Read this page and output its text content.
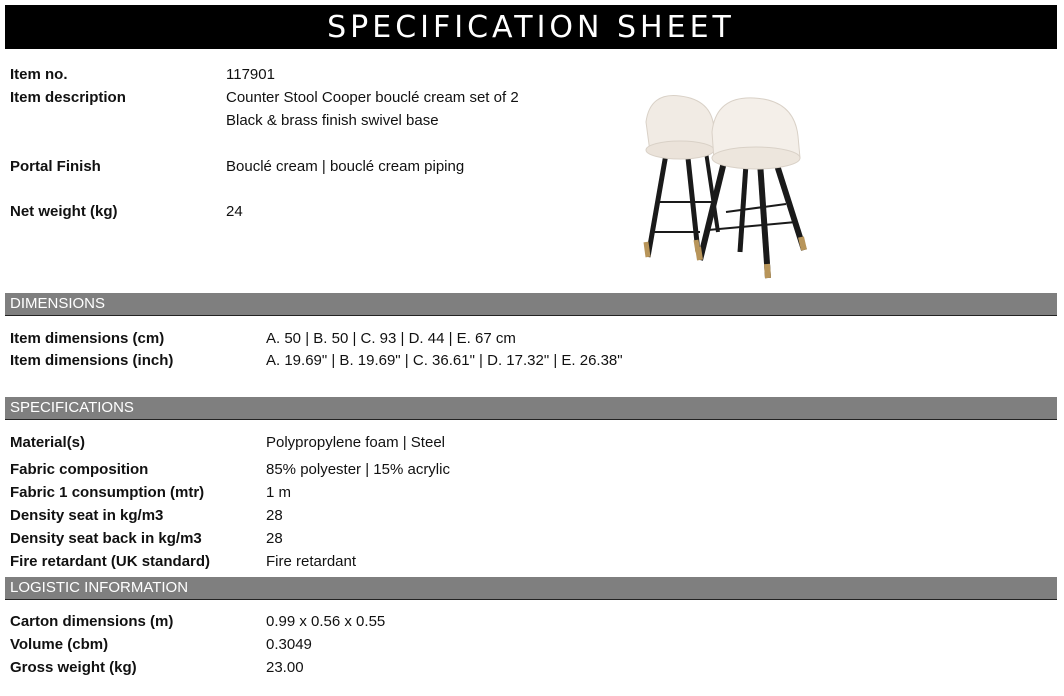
SPECIFICATION SHEET
Item no.	117901
Item description	Counter Stool Cooper bouclé cream set of 2
Black & brass finish swivel base
Portal Finish	Bouclé cream | bouclé cream piping
Net weight (kg)	24
DIMENSIONS
Item dimensions (cm)	A. 50 | B. 50 | C. 93 | D. 44 | E. 67 cm
Item dimensions (inch)	A. 19.69" | B. 19.69" | C. 36.61" | D. 17.32" | E. 26.38"
SPECIFICATIONS
Material(s)	Polypropylene foam | Steel
Fabric composition	85% polyester | 15% acrylic
Fabric 1 consumption (mtr)	1 m
Density seat in kg/m3	28
Density seat back in kg/m3	28
Fire retardant (UK standard)	Fire retardant
LOGISTIC INFORMATION
Carton dimensions (m)	0.99 x 0.56 x 0.55
Volume (cbm)	0.3049
Gross weight (kg)	23.00
